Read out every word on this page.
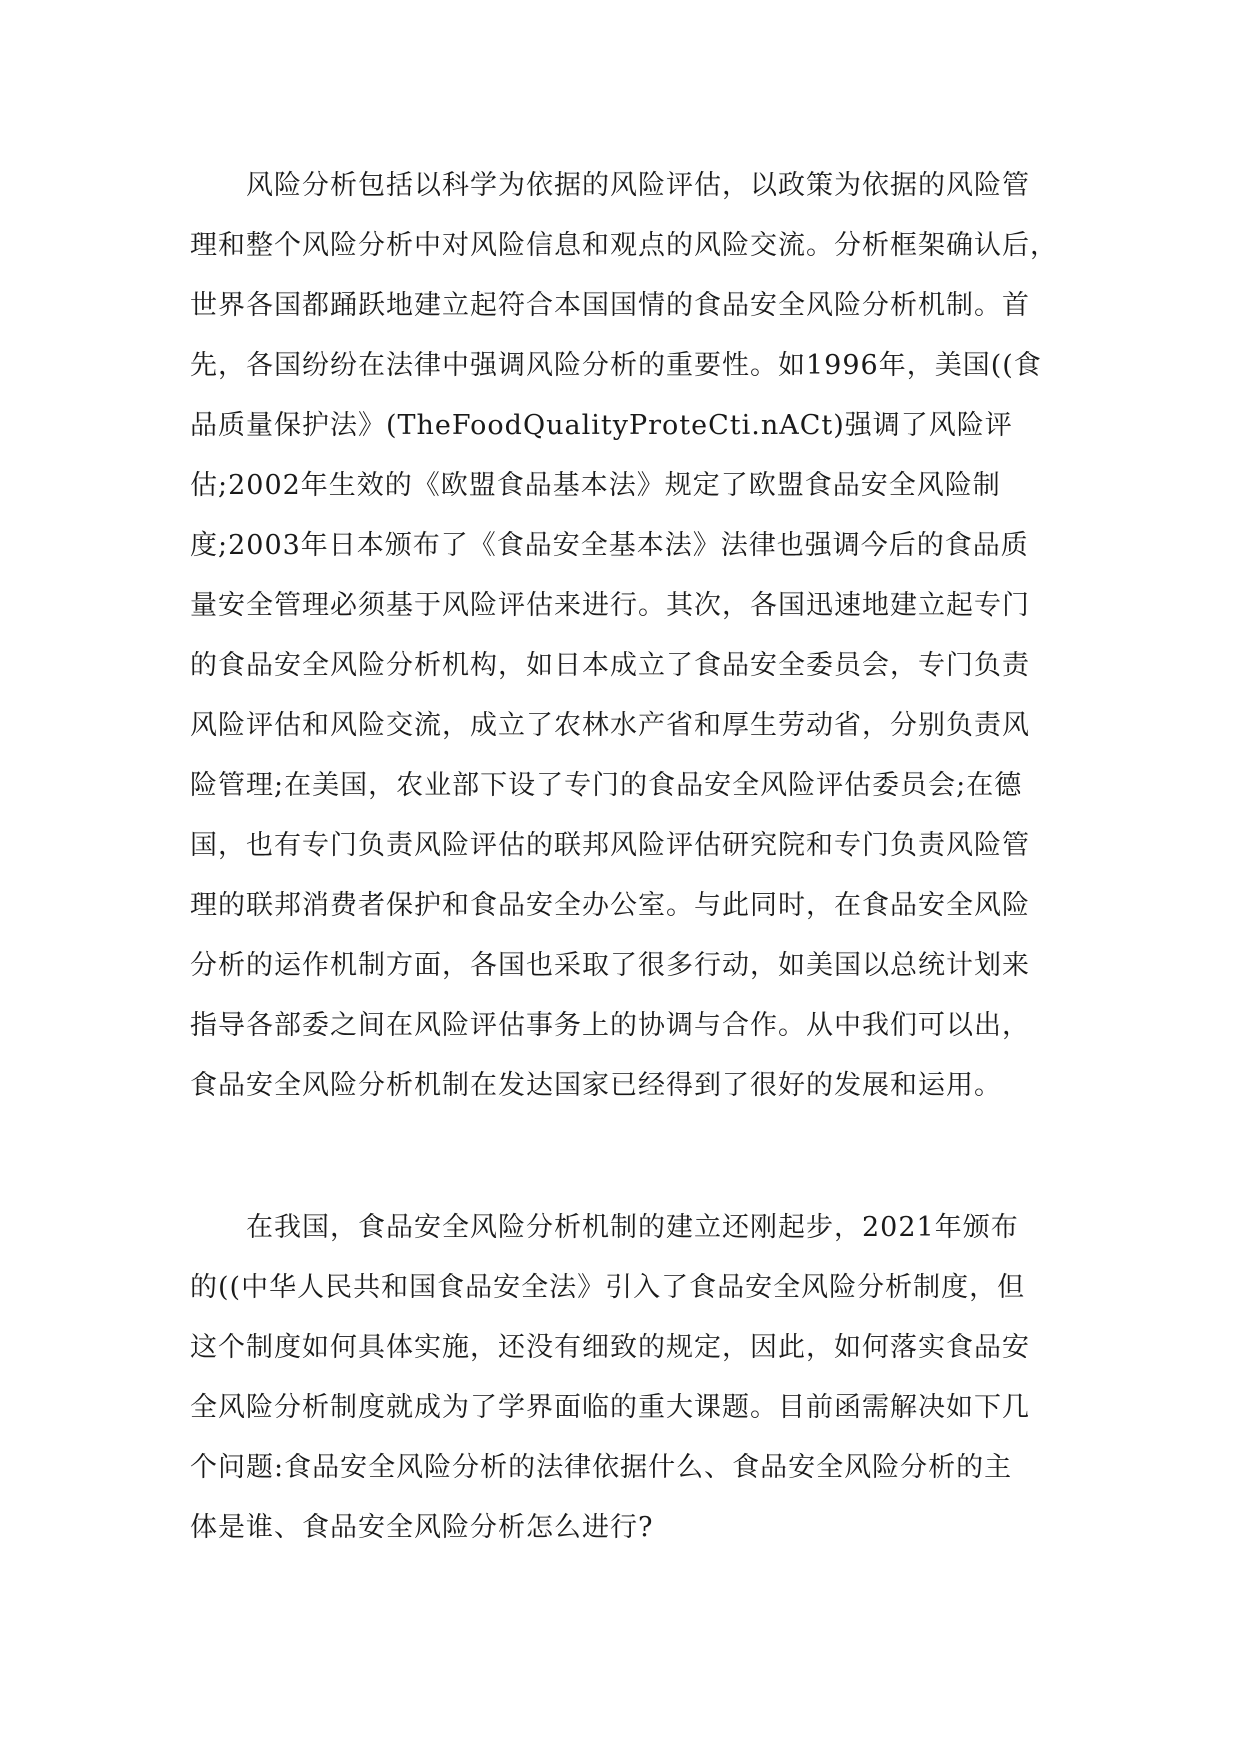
风险分析包括以科学为依据的风险评估，以政策为依据的风险管
理和整个风险分析中对风险信息和观点的风险交流。分析框架确认后，
世界各国都踊跃地建立起符合本国国情的食品安全风险分析机制。首
先，各国纷纷在法律中强调风险分析的重要性。如1996年，美国((食
品质量保护法》(TheFoodQualityProteCti.nACt)强调了风险评
估;2002年生效的《欧盟食品基本法》规定了欧盟食品安全风险制
度;2003年日本颁布了《食品安全基本法》法律也强调今后的食品质
量安全管理必须基于风险评估来进行。其次，各国迅速地建立起专门
的食品安全风险分析机构，如日本成立了食品安全委员会，专门负责
风险评估和风险交流，成立了农林水产省和厚生劳动省，分别负责风
险管理;在美国，农业部下设了专门的食品安全风险评估委员会;在德
国，也有专门负责风险评估的联邦风险评估研究院和专门负责风险管
理的联邦消费者保护和食品安全办公室。与此同时，在食品安全风险
分析的运作机制方面，各国也采取了很多行动，如美国以总统计划来
指导各部委之间在风险评估事务上的协调与合作。从中我们可以出，
食品安全风险分析机制在发达国家已经得到了很好的发展和运用。
在我国，食品安全风险分析机制的建立还刚起步，2021年颁布
的((中华人民共和国食品安全法》引入了食品安全风险分析制度，但
这个制度如何具体实施，还没有细致的规定，因此，如何落实食品安
全风险分析制度就成为了学界面临的重大课题。目前函需解决如下几
个问题:食品安全风险分析的法律依据什么、食品安全风险分析的主
体是谁、食品安全风险分析怎么进行?
